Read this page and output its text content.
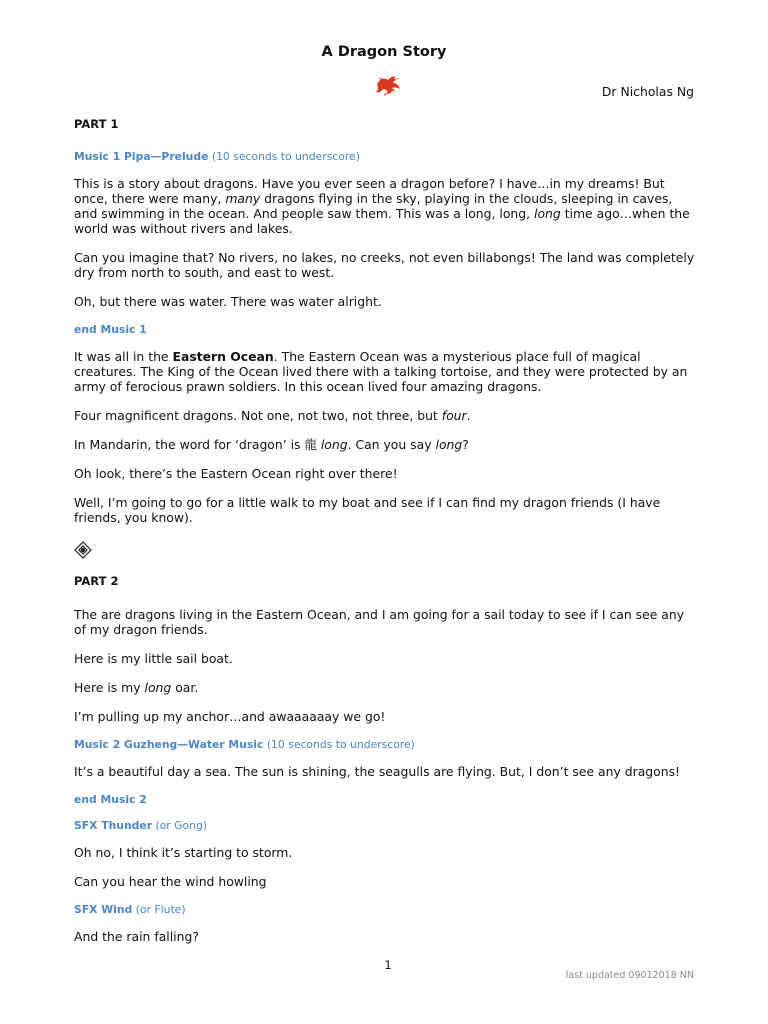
A Dragon Story
Dr Nicholas Ng
PART 1
Music 1 Pipa—Prelude (10 seconds to underscore)
This is a story about dragons. Have you ever seen a dragon before? I have…in my dreams! But once, there were many, many dragons flying in the sky, playing in the clouds, sleeping in caves, and swimming in the ocean. And people saw them. This was a long, long, long time ago…when the world was without rivers and lakes.
Can you imagine that? No rivers, no lakes, no creeks, not even billabongs! The land was completely dry from north to south, and east to west.
Oh, but there was water. There was water alright.
end Music 1
It was all in the Eastern Ocean. The Eastern Ocean was a mysterious place full of magical creatures. The King of the Ocean lived there with a talking tortoise, and they were protected by an army of ferocious prawn soldiers. In this ocean lived four amazing dragons.
Four magnificent dragons. Not one, not two, not three, but four.
In Mandarin, the word for ‘dragon’ is 龍 long. Can you say long?
Oh look, there’s the Eastern Ocean right over there!
Well, I’m going to go for a little walk to my boat and see if I can find my dragon friends (I have friends, you know).
PART 2
The are dragons living in the Eastern Ocean, and I am going for a sail today to see if I can see any of my dragon friends.
Here is my little sail boat.
Here is my long oar.
I’m pulling up my anchor…and awaaaaaay we go!
Music 2 Guzheng—Water Music (10 seconds to underscore)
It’s a beautiful day a sea. The sun is shining, the seagulls are flying. But, I don’t see any dragons!
end Music 2
SFX Thunder (or Gong)
Oh no, I think it’s starting to storm.
Can you hear the wind howling
SFX Wind (or Flute)
And the rain falling?
1
last updated 09012018 NN
